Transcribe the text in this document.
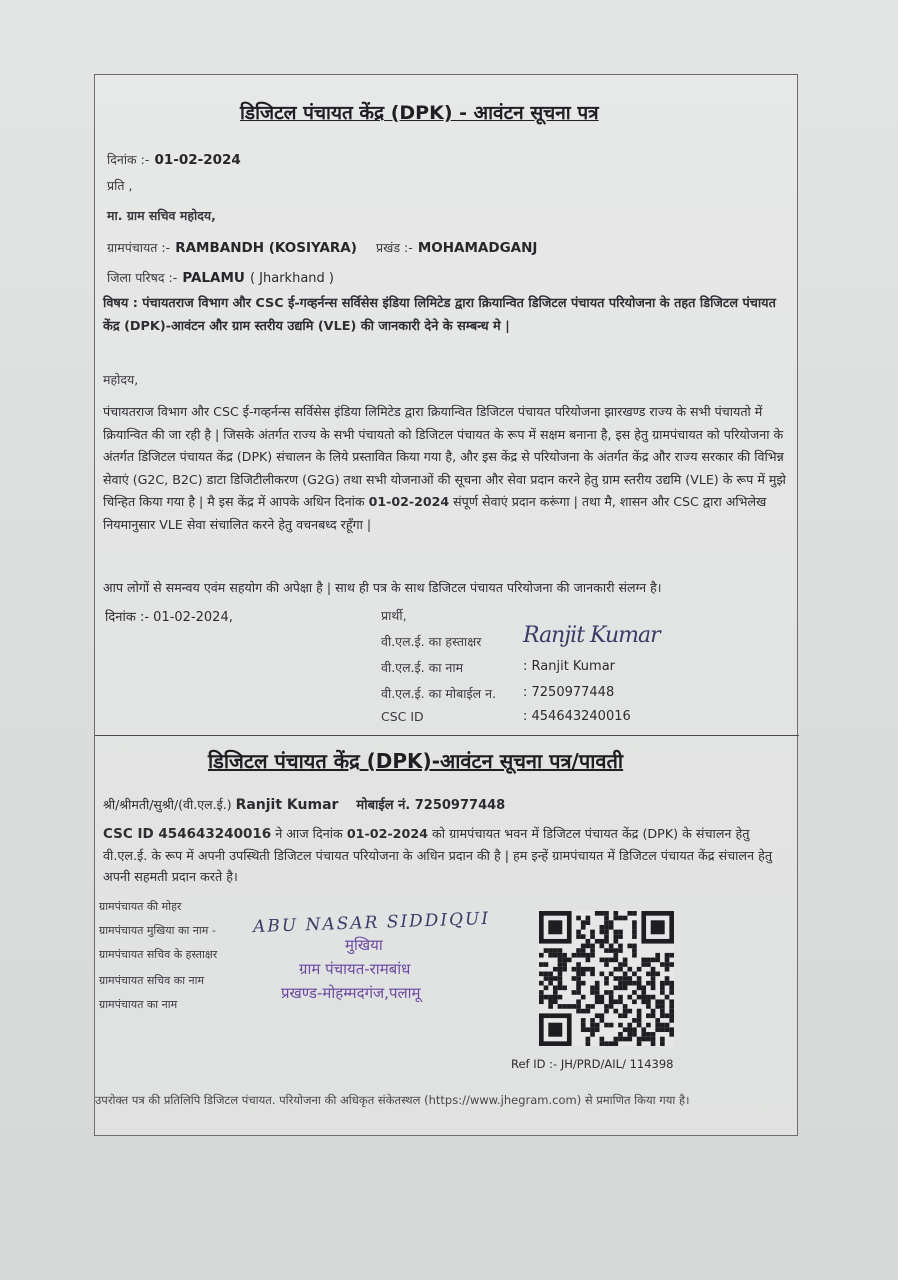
डिजिटल पंचायत केंद्र (DPK) - आवंटन सूचना पत्र
दिनांक :- 01-02-2024
प्रति ,
मा. ग्राम सचिव महोदय,
ग्रामपंचायत :- RAMBANDH (KOSIYARA) प्रखंड :- MOHAMADGANJ
जिला परिषद :- PALAMU ( Jharkhand )
विषय : पंचायतराज विभाग और CSC ई-गव्हर्नन्स सर्विसेस इंडिया लिमिटेड द्वारा क्रियान्वित डिजिटल पंचायत परियोजना के तहत डिजिटल पंचायत केंद्र (DPK)-आवंटन और ग्राम स्तरीय उद्यमि (VLE) की जानकारी देने के सम्बन्ध मे |
महोदय,
पंचायतराज विभाग और CSC ई-गव्हर्नन्स सर्विसेस इंडिया लिमिटेड द्वारा क्रियान्वित डिजिटल पंचायत परियोजना झारखण्ड राज्य के सभी पंचायतो में क्रियान्वित की जा रही है | जिसके अंतर्गत राज्य के सभी पंचायतो को डिजिटल पंचायत के रूप में सक्षम बनाना है, इस हेतु ग्रामपंचायत को परियोजना के अंतर्गत डिजिटल पंचायत केंद्र (DPK) संचालन के लिये प्रस्तावित किया गया है, और इस केंद्र से परियोजना के अंतर्गत केंद्र और राज्य सरकार की विभिन्न सेवाएं (G2C, B2C) डाटा डिजिटीलीकरण (G2G) तथा सभी योजनाओं की सूचना और सेवा प्रदान करने हेतु ग्राम स्तरीय उद्यमि (VLE) के रूप में मुझे चिन्हित किया गया है | मै इस केंद्र में आपके अधिन दिनांक 01-02-2024 संपूर्ण सेवाएं प्रदान करूंगा | तथा मै, शासन और CSC द्वारा अभिलेख नियमानुसार VLE सेवा संचालित करने हेतु वचनबध्द रहूँगा |
आप लोगों से समन्वय एवंम सहयोग की अपेक्षा है | साथ ही पत्र के साथ डिजिटल पंचायत परियोजना की जानकारी संलग्न है।
दिनांक :- 01-02-2024,	प्रार्थी,
वी.एल.ई. का हस्ताक्षर Ranjit Kumar
वी.एल.ई. का नाम	: Ranjit Kumar
वी.एल.ई. का मोबाईल न. : 7250977448
CSC ID	: 454643240016
डिजिटल पंचायत केंद्र (DPK)-आवंटन सूचना पत्र/पावती
श्री/श्रीमती/सुश्री/(वी.एल.ई.) Ranjit Kumar मोबाईल नं. 7250977448
CSC ID 454643240016 ने आज दिनांक 01-02-2024 को ग्रामपंचायत भवन में डिजिटल पंचायत केंद्र (DPK) के संचालन हेतु वी.एल.ई. के रूप में अपनी उपस्थिती डिजिटल पंचायत परियोजना के अधिन प्रदान की है | हम इन्हें ग्रामपंचायत में डिजिटल पंचायत केंद्र संचालन हेतु अपनी सहमती प्रदान करते है।
ग्रामपंचायत की मोहर
ग्रामपंचायत मुखिया का नाम - ABU NASAR SIDDIQUI
ग्रामपंचायत सचिव के हस्ताक्षर
ग्रामपंचायत सचिव का नाम
ग्रामपंचायत का नाम
मुखिया
ग्राम पंचायत-रामबांध
प्रखण्ड-मोहम्मदगंज,पलामू
Ref ID :- JH/PRD/AIL/ 114398
उपरोक्त पत्र की प्रतिलिपि डिजिटल पंचायत. परियोजना की अधिकृत संकेतस्थल (https://www.jhegram.com) से प्रमाणित किया गया है।
